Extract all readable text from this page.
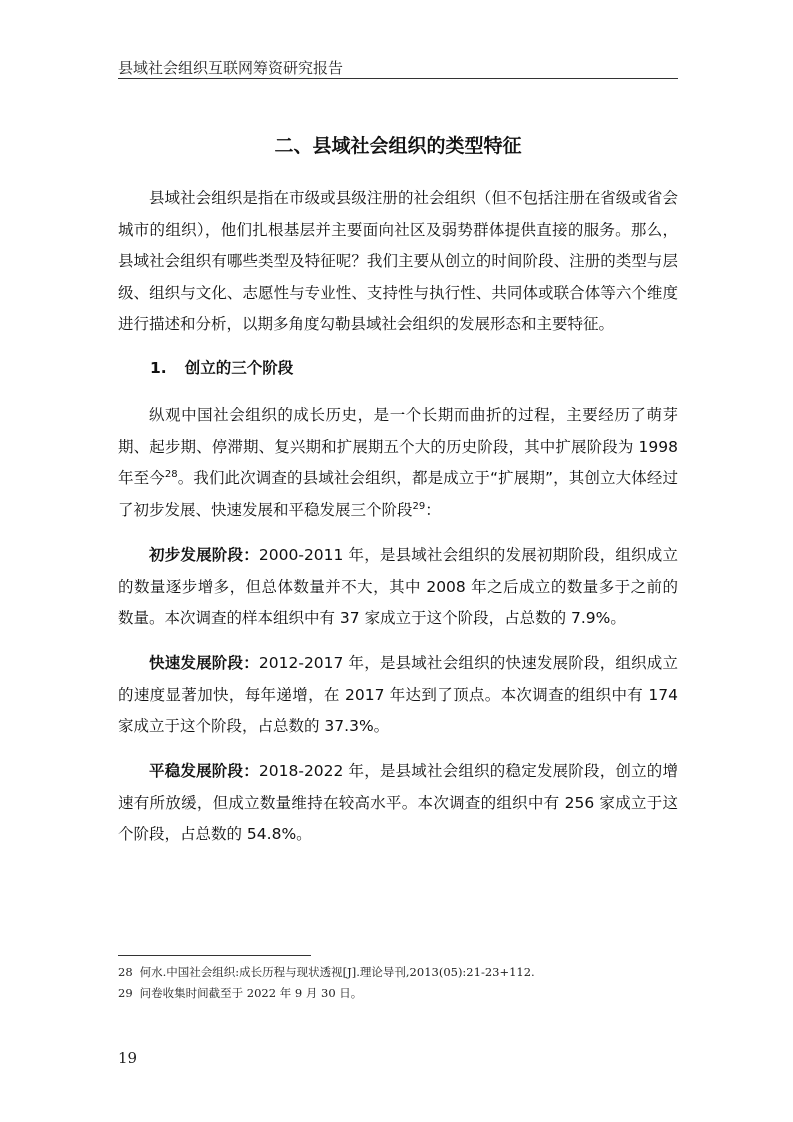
县域社会组织互联网筹资研究报告
二、县域社会组织的类型特征

县域社会组织是指在市级或县级注册的社会组织（但不包括注册在省级或省会城市的组织），他们扎根基层并主要面向社区及弱势群体提供直接的服务。那么，县域社会组织有哪些类型及特征呢？我们主要从创立的时间阶段、注册的类型与层级、组织与文化、志愿性与专业性、支持性与执行性、共同体或联合体等六个维度进行描述和分析，以期多角度勾勒县域社会组织的发展形态和主要特征。

1. 创立的三个阶段

纵观中国社会组织的成长历史，是一个长期而曲折的过程，主要经历了萌芽期、起步期、停滞期、复兴期和扩展期五个大的历史阶段，其中扩展阶段为 1998 年至今$^{28}$。我们此次调查的县域社会组织，都是成立于“扩展期”，其创立大体经过了初步发展、快速发展和平稳发展三个阶段$^{29}$：

初步发展阶段：2000-2011 年，是县域社会组织的发展初期阶段，组织成立的数量逐步增多，但总体数量并不大，其中 2008 年之后成立的数量多于之前的数量。本次调查的样本组织中有 37 家成立于这个阶段，占总数的 7.9%。

快速发展阶段：2012-2017 年，是县域社会组织的快速发展阶段，组织成立的速度显著加快，每年递增，在 2017 年达到了顶点。本次调查的组织中有 174 家成立于这个阶段，占总数的 37.3%。

平稳发展阶段：2018-2022 年，是县域社会组织的稳定发展阶段，创立的增速有所放缓，但成立数量维持在较高水平。本次调查的组织中有 256 家成立于这个阶段，占总数的 54.8%。

28 何水.中国社会组织:成长历程与现状透视[J].理论导刊,2013(05):21-23+112.

29 问卷收集时间截至于 2022 年 9 月 30 日。

19
